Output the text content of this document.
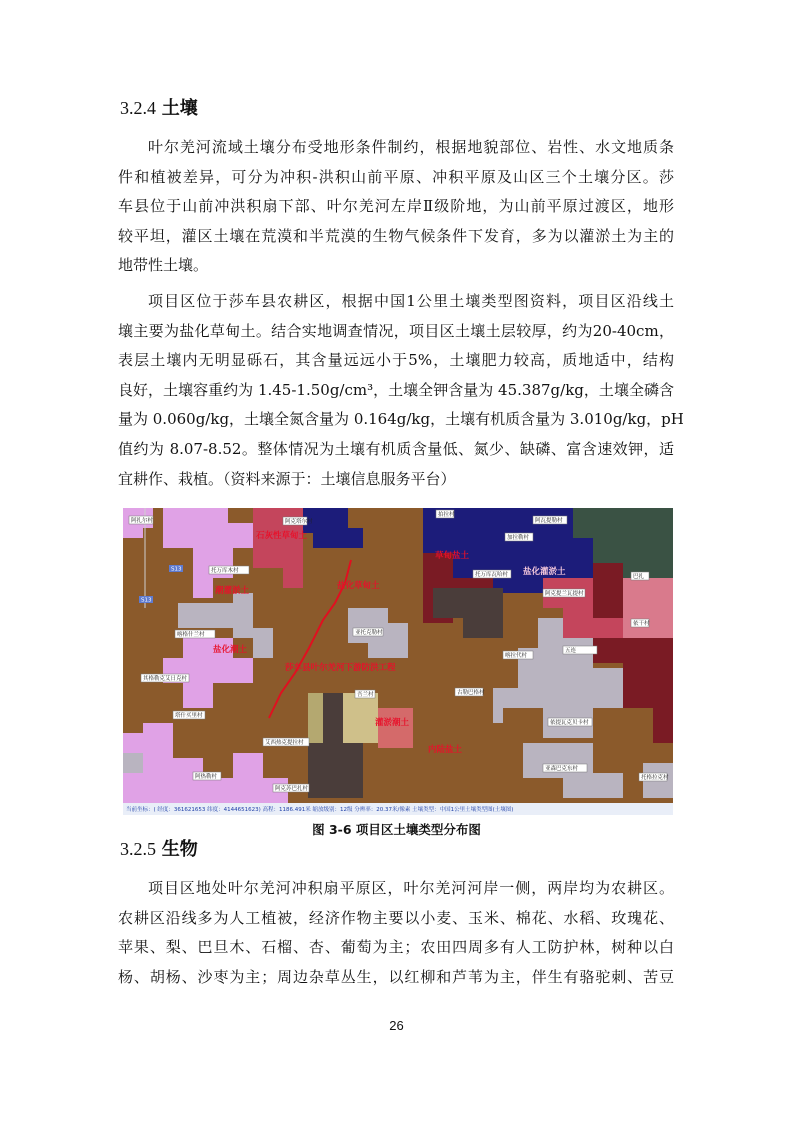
3.2.4 土壤
叶尔羌河流域土壤分布受地形条件制约，根据地貌部位、岩性、水文地质条
件和植被差异，可分为冲积-洪积山前平原、冲积平原及山区三个土壤分区。莎
车县位于山前冲洪积扇下部、叶尔羌河左岸Ⅱ级阶地，为山前平原过渡区，地形
较平坦，灌区土壤在荒漠和半荒漠的生物气候条件下发育，多为以灌淤土为主的
地带性土壤。
项目区位于莎车县农耕区，根据中国1公里土壤类型图资料，项目区沿线土
壤主要为盐化草甸土。结合实地调查情况，项目区土壤土层较厚，约为20-40cm，
表层土壤内无明显砾石，其含量远远小于5%，土壤肥力较高，质地适中，结构
良好，土壤容重约为 1.45-1.50g/cm³，土壤全钾含量为 45.387g/kg，土壤全磷含
量为 0.060g/kg，土壤全氮含量为 0.164g/kg，土壤有机质含量为 3.010g/kg，pH
值约为 8.07-8.52。整体情况为土壤有机质含量低、氮少、缺磷、富含速效钾，适
宜耕作、栽植。（资料来源于：土壤信息服务平台）
S13
S13
石灰性草甸土
草甸盐土
盐化灌淤土
潮灌淤土	盐化草甸土
盐化潮土
莎车县叶尔羌河下游防洪工程
灌淤潮土
内陆盐土
托万库木村
阿克塔尔村
拍拉村
阿瓦提勒村
加拉勒村
托万库瓦哈村
阿扎尔村
巴扎
阿克提兰瓦提村
喀格什兰村
依干村
亚托克勒村
五连
其格勒克艾日克村
喀拉代村
古勒巴格村
吾兰村
依提瓦克贝卡村
塔什买里村
艾西热克提拉村
亚森巴克东村
阿热勒村
阿克苏巴扎村
托格拉克村
当前坐标：( 经度：361621653 纬度：4144651623) 高程：1186.491米 缩放级别：12级 分辨率：20.37米/像素 土壤类型：中国1公里土壤类型图(土壤图)
图 3-6 项目区土壤类型分布图
3.2.5 生物
项目区地处叶尔羌河冲积扇平原区，叶尔羌河河岸一侧，两岸均为农耕区。
农耕区沿线多为人工植被，经济作物主要以小麦、玉米、棉花、水稻、玫瑰花、
苹果、梨、巴旦木、石榴、杏、葡萄为主；农田四周多有人工防护林，树种以白
杨、胡杨、沙枣为主；周边杂草丛生，以红柳和芦苇为主，伴生有骆驼刺、苦豆
26
